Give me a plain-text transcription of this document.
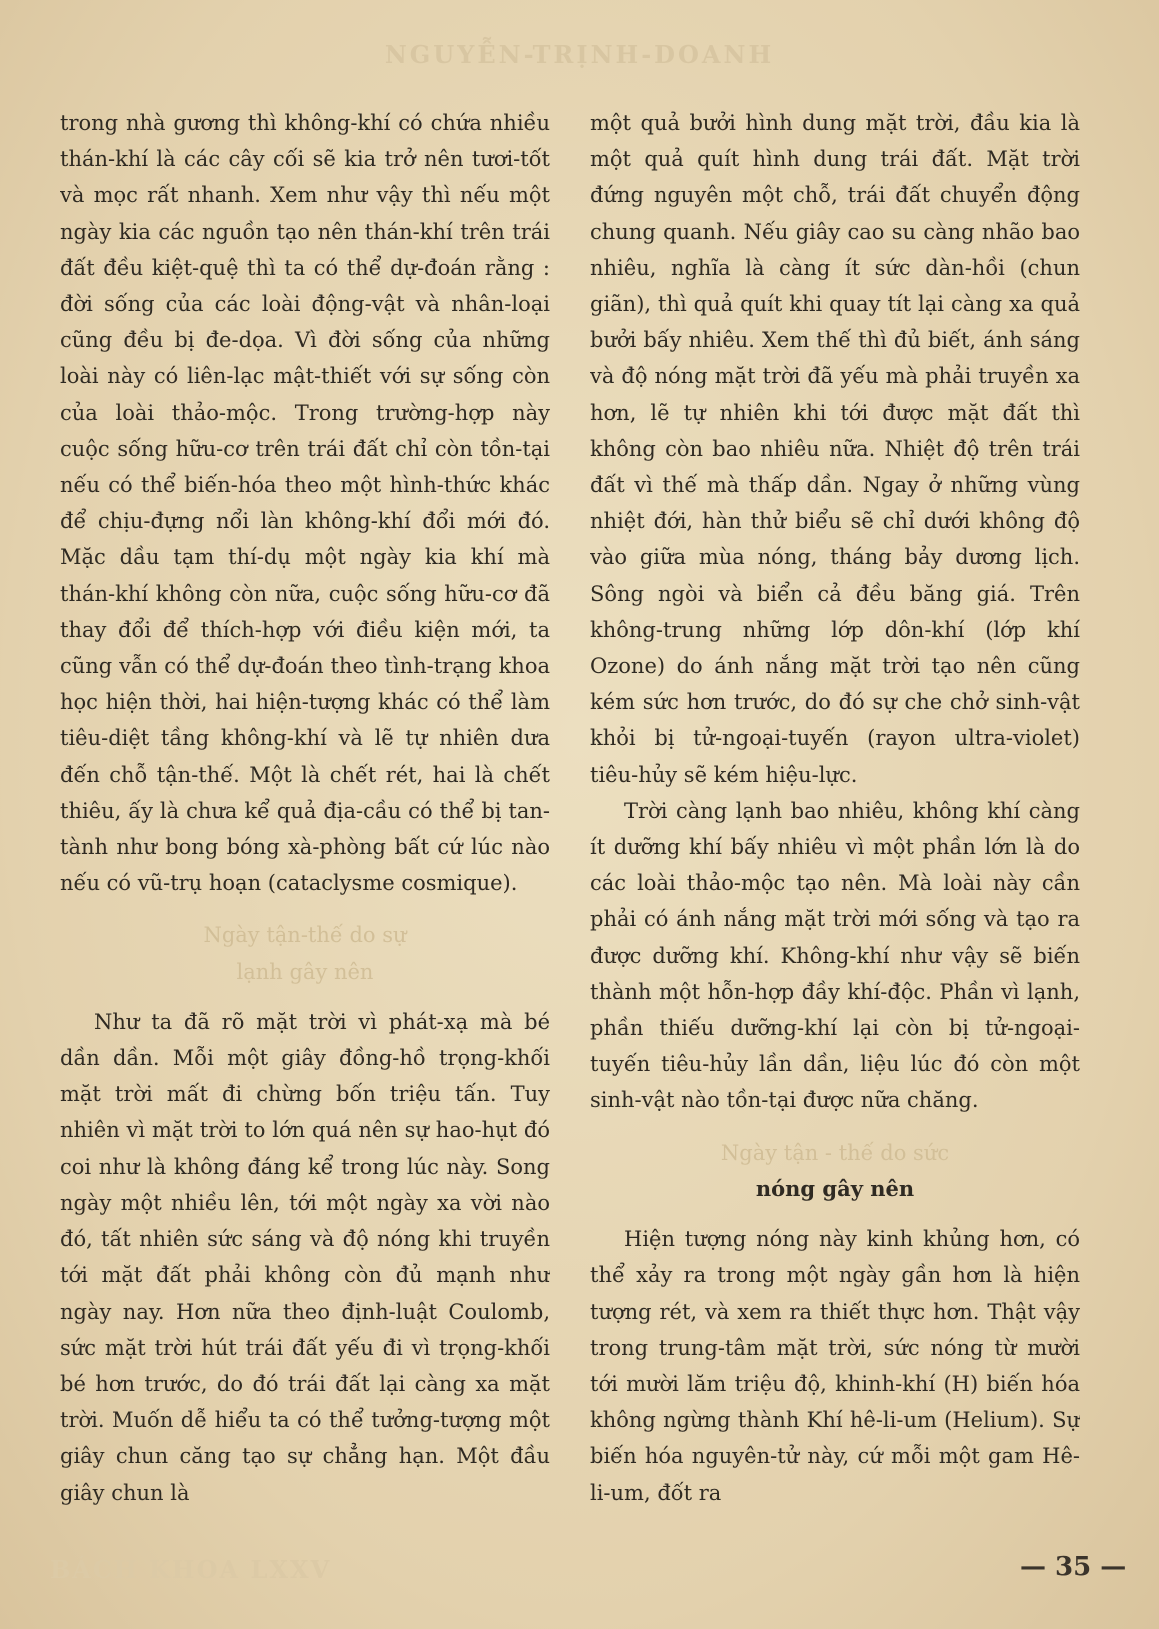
NGUYỄN-TRỊNH-DOANH

trong nhà gương thì không-khí có chứa nhiều thán-khí là các cây cối sẽ kia trở nên tươi-tốt và mọc rất nhanh. Xem như vậy thì nếu một ngày kia các nguồn tạo nên thán-khí trên trái đất đều kiệt-quệ thì ta có thể dự-đoán rằng : đời sống của các loài động-vật và nhân-loại cũng đều bị đe-dọa. Vì đời sống của những loài này có liên-lạc mật-thiết với sự sống còn của loài thảo-mộc. Trong trường-hợp này cuộc sống hữu-cơ trên trái đất chỉ còn tồn-tại nếu có thể biến-hóa theo một hình-thức khác để chịu-đựng nổi làn không-khí đổi mới đó. Mặc dầu tạm thí-dụ một ngày kia khí mà thán-khí không còn nữa, cuộc sống hữu-cơ đã thay đổi để thích-hợp với điều kiện mới, ta cũng vẫn có thể dự-đoán theo tình-trạng khoa học hiện thời, hai hiện-tượng khác có thể làm tiêu-diệt tầng không-khí và lẽ tự nhiên dưa đến chỗ tận-thế. Một là chết rét, hai là chết thiêu, ấy là chưa kể quả địa-cầu có thể bị tan-tành như bong bóng xà-phòng bất cứ lúc nào nếu có vũ-trụ hoạn (cataclysme cosmique).

Ngày tận-thế do sự
lạnh gây nên

Như ta đã rõ mặt trời vì phát-xạ mà bé dần dần. Mỗi một giây đồng-hồ trọng-khối mặt trời mất đi chừng bốn triệu tấn. Tuy nhiên vì mặt trời to lớn quá nên sự hao-hụt đó coi như là không đáng kể trong lúc này. Song ngày một nhiều lên, tới một ngày xa vời nào đó, tất nhiên sức sáng và độ nóng khi truyền tới mặt đất phải không còn đủ mạnh như ngày nay. Hơn nữa theo định-luật Coulomb, sức mặt trời hút trái đất yếu đi vì trọng-khối bé hơn trước, do đó trái đất lại càng xa mặt trời. Muốn dễ hiểu ta có thể tưởng-tượng một giây chun căng tạo sự chẳng hạn. Một đầu giây chun là

một quả bưởi hình dung mặt trời, đầu kia là một quả quít hình dung trái đất. Mặt trời đứng nguyên một chỗ, trái đất chuyển động chung quanh. Nếu giây cao su càng nhão bao nhiêu, nghĩa là càng ít sức dàn-hồi (chun giãn), thì quả quít khi quay tít lại càng xa quả bưởi bấy nhiêu. Xem thế thì đủ biết, ánh sáng và độ nóng mặt trời đã yếu mà phải truyền xa hơn, lẽ tự nhiên khi tới được mặt đất thì không còn bao nhiêu nữa. Nhiệt độ trên trái đất vì thế mà thấp dần. Ngay ở những vùng nhiệt đới, hàn thử biểu sẽ chỉ dưới không độ vào giữa mùa nóng, tháng bảy dương lịch. Sông ngòi và biển cả đều băng giá. Trên không-trung những lớp dôn-khí (lớp khí Ozone) do ánh nắng mặt trời tạo nên cũng kém sức hơn trước, do đó sự che chở sinh-vật khỏi bị tử-ngoại-tuyến (rayon ultra-violet) tiêu-hủy sẽ kém hiệu-lực.

Trời càng lạnh bao nhiêu, không khí càng ít dưỡng khí bấy nhiêu vì một phần lớn là do các loài thảo-mộc tạo nên. Mà loài này cần phải có ánh nắng mặt trời mới sống và tạo ra được dưỡng khí. Không-khí như vậy sẽ biến thành một hỗn-hợp đầy khí-độc. Phần vì lạnh, phần thiếu dưỡng-khí lại còn bị tử-ngoại-tuyến tiêu-hủy lần dần, liệu lúc đó còn một sinh-vật nào tồn-tại được nữa chăng.

Ngày tận - thế do sức
nóng gây nên

Hiện tượng nóng này kinh khủng hơn, có thể xảy ra trong một ngày gần hơn là hiện tượng rét, và xem ra thiết thực hơn. Thật vậy trong trung-tâm mặt trời, sức nóng từ mười tới mười lăm triệu độ, khinh-khí (H) biến hóa không ngừng thành Khí hê-li-um (Helium). Sự biến hóa nguyên-tử này, cứ mỗi một gam Hê-li-um, đốt ra

BÁCH KHOA LXXV	— 35 —
